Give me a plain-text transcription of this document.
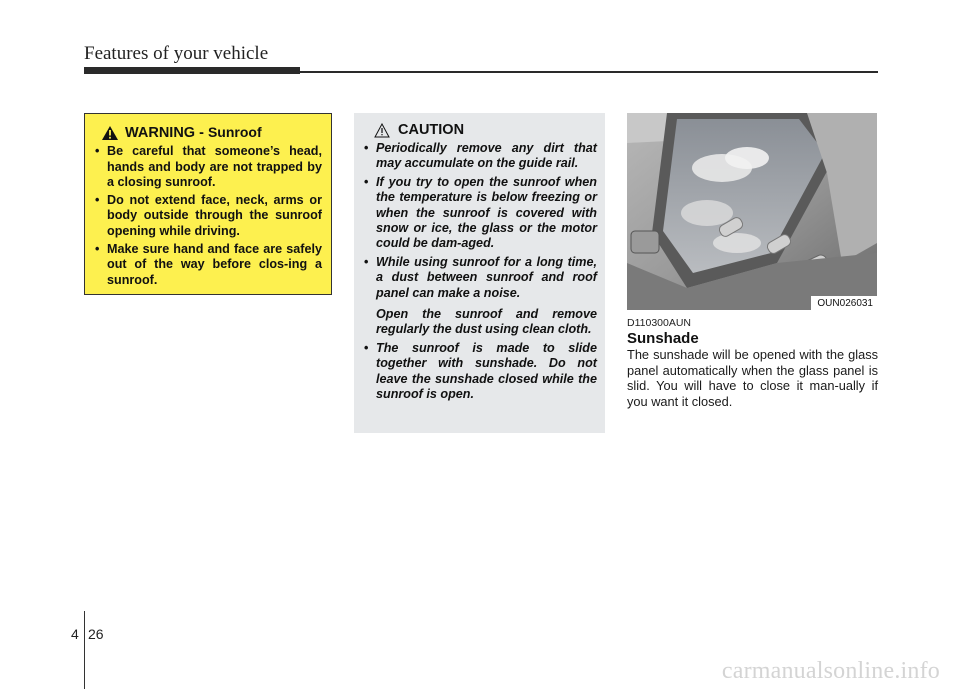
Features of your vehicle
WARNING - Sunroof
• Be careful that someone’s head, hands and body are not trapped by a closing sunroof.
• Do not extend face, neck, arms or body outside through the sunroof opening while driving.
• Make sure hand and face are safely out of the way before clos-ing a sunroof.
CAUTION
• Periodically remove any dirt that may accumulate on the guide rail.
• If you try to open the sunroof when the temperature is below freezing or when the sunroof is covered with snow or ice, the glass or the motor could be dam-aged.
• While using sunroof for a long time, a dust between sunroof and roof panel can make a noise.
Open the sunroof and remove regularly the dust using clean cloth.
• The sunroof is made to slide together with sunshade. Do not leave the sunshade closed while the sunroof is open.
OUN026031
D110300AUN
Sunshade
The sunshade will be opened with the glass panel automatically when the glass panel is slid. You will have to close it man-ually if you want it closed.
4 26
carmanualsonline.info
